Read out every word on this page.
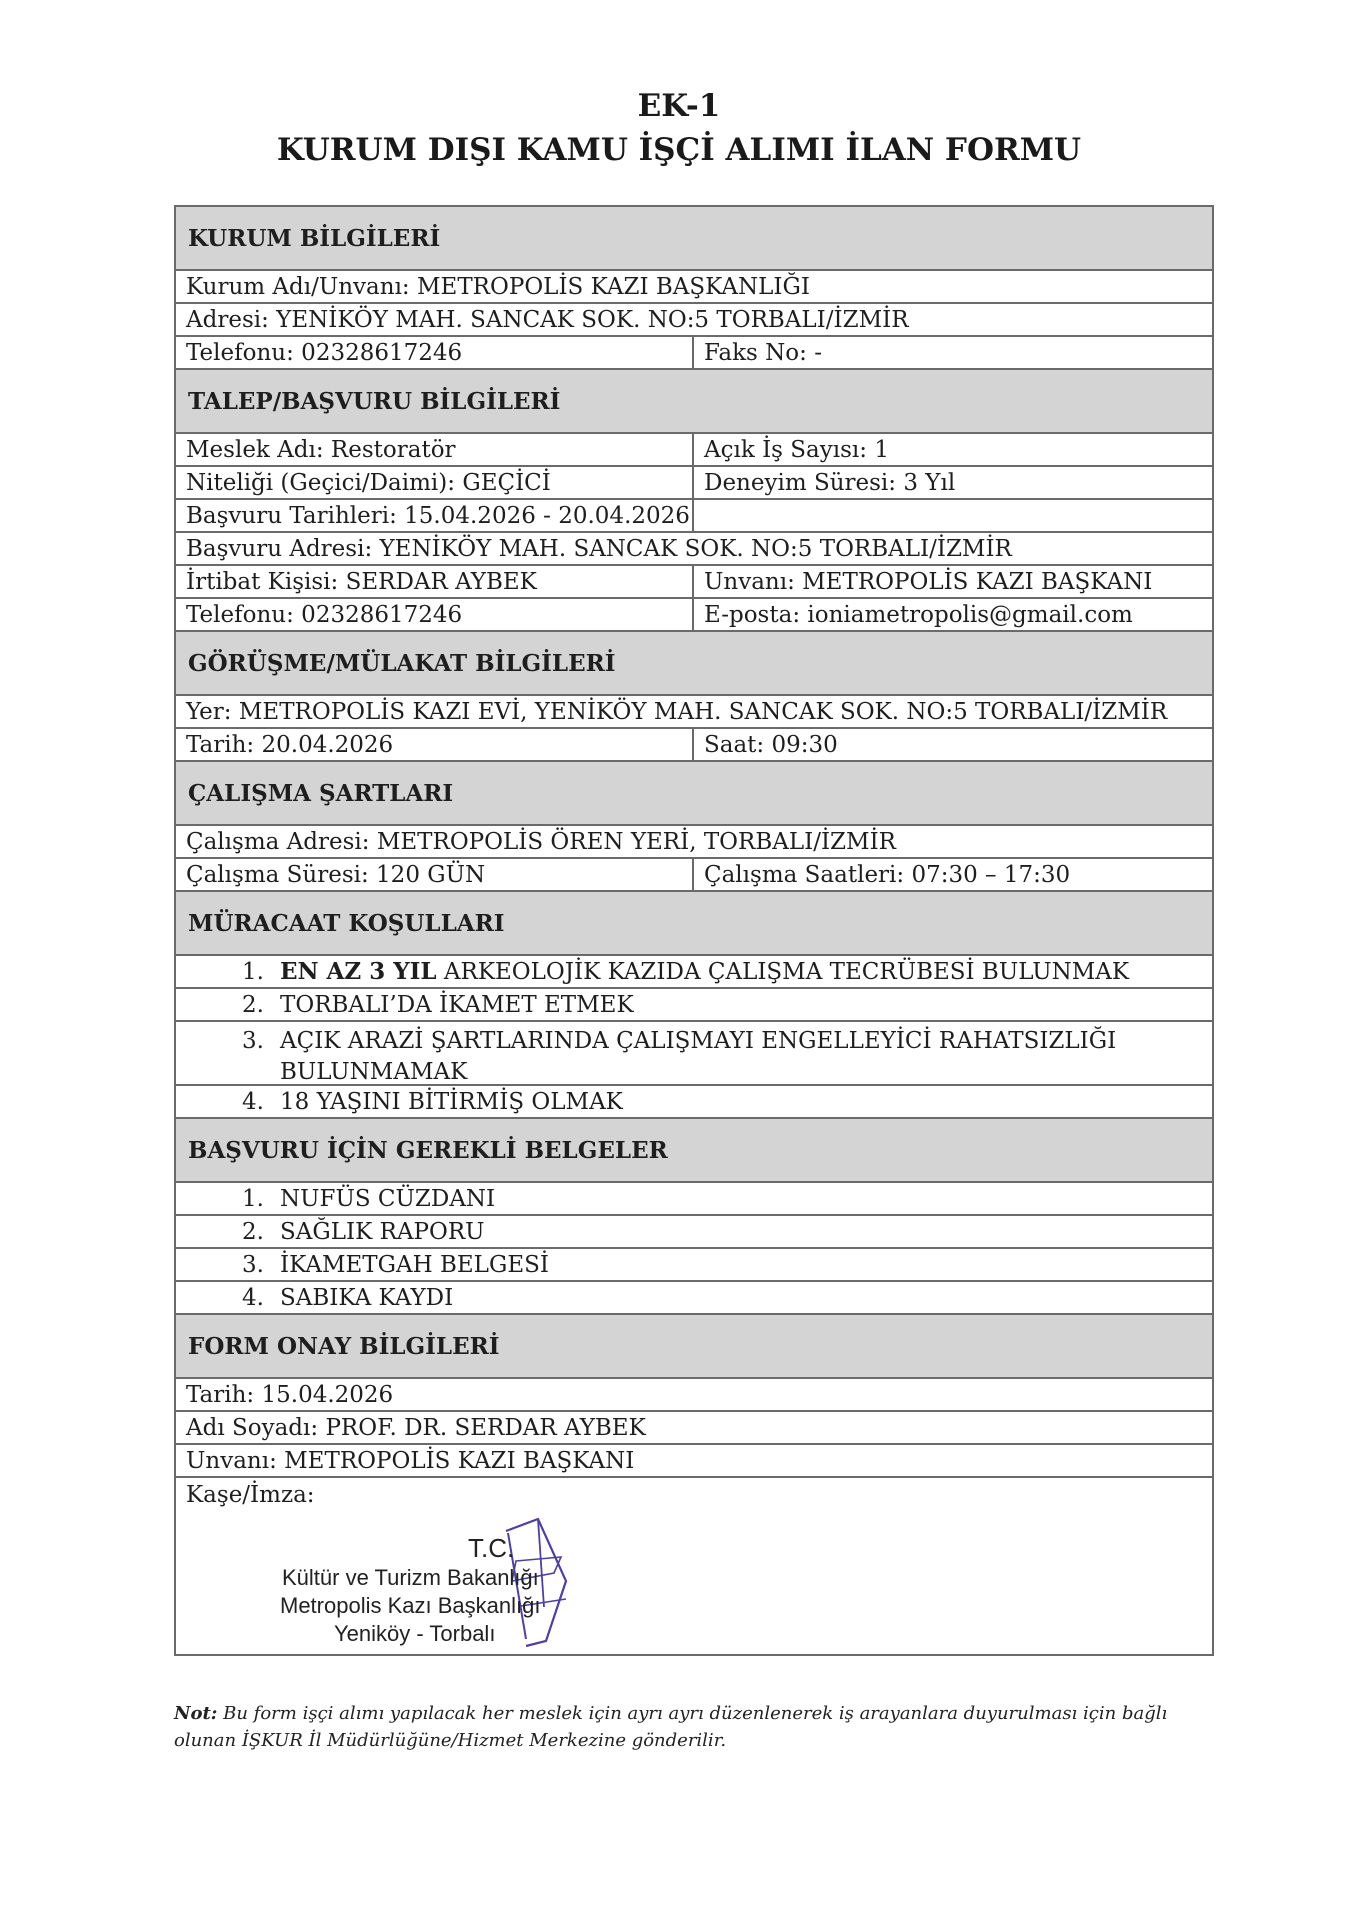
EK-1
KURUM DIŞI KAMU İŞÇİ ALIMI İLAN FORMU
KURUM BİLGİLERİ
Kurum Adı/Unvanı: METROPOLİS KAZI BAŞKANLIĞI
Adresi: YENİKÖY MAH. SANCAK SOK. NO:5 TORBALI/İZMİR
Telefonu: 02328617246	Faks No: -
TALEP/BAŞVURU BİLGİLERİ
Meslek Adı: Restoratör	Açık İş Sayısı: 1
Niteliği (Geçici/Daimi): GEÇİCİ	Deneyim Süresi: 3 Yıl
Başvuru Tarihleri: 15.04.2026 - 20.04.2026
Başvuru Adresi: YENİKÖY MAH. SANCAK SOK. NO:5 TORBALI/İZMİR
İrtibat Kişisi: SERDAR AYBEK	Unvanı: METROPOLİS KAZI BAŞKANI
Telefonu: 02328617246	E-posta: ioniametropolis@gmail.com
GÖRÜŞME/MÜLAKAT BİLGİLERİ
Yer: METROPOLİS KAZI EVİ, YENİKÖY MAH. SANCAK SOK. NO:5 TORBALI/İZMİR
Tarih: 20.04.2026	Saat: 09:30
ÇALIŞMA ŞARTLARI
Çalışma Adresi: METROPOLİS ÖREN YERİ, TORBALI/İZMİR
Çalışma Süresi: 120 GÜN	Çalışma Saatleri: 07:30 – 17:30
MÜRACAAT KOŞULLARI
1. EN AZ 3 YIL ARKEOLOJİK KAZIDA ÇALIŞMA TECRÜBESİ BULUNMAK
2. TORBALI’DA İKAMET ETMEK
3. AÇIK ARAZİ ŞARTLARINDA ÇALIŞMAYI ENGELLEYİCİ RAHATSIZLIĞI BULUNMAMAK
4. 18 YAŞINI BİTİRMİŞ OLMAK
BAŞVURU İÇİN GEREKLİ BELGELER
1. NUFÜS CÜZDANI
2. SAĞLIK RAPORU
3. İKAMETGAH BELGESİ
4. SABIKA KAYDI
FORM ONAY BİLGİLERİ
Tarih: 15.04.2026
Adı Soyadı: PROF. DR. SERDAR AYBEK
Unvanı: METROPOLİS KAZI BAŞKANI
Kaşe/İmza:
T.C.
Kültür ve Turizm Bakanlığı
Metropolis Kazı Başkanlığı
Yeniköy - Torbalı
Not: Bu form işçi alımı yapılacak her meslek için ayrı ayrı düzenlenerek iş arayanlara duyurulması için bağlı olunan İŞKUR İl Müdürlüğüne/Hizmet Merkezine gönderilir.
